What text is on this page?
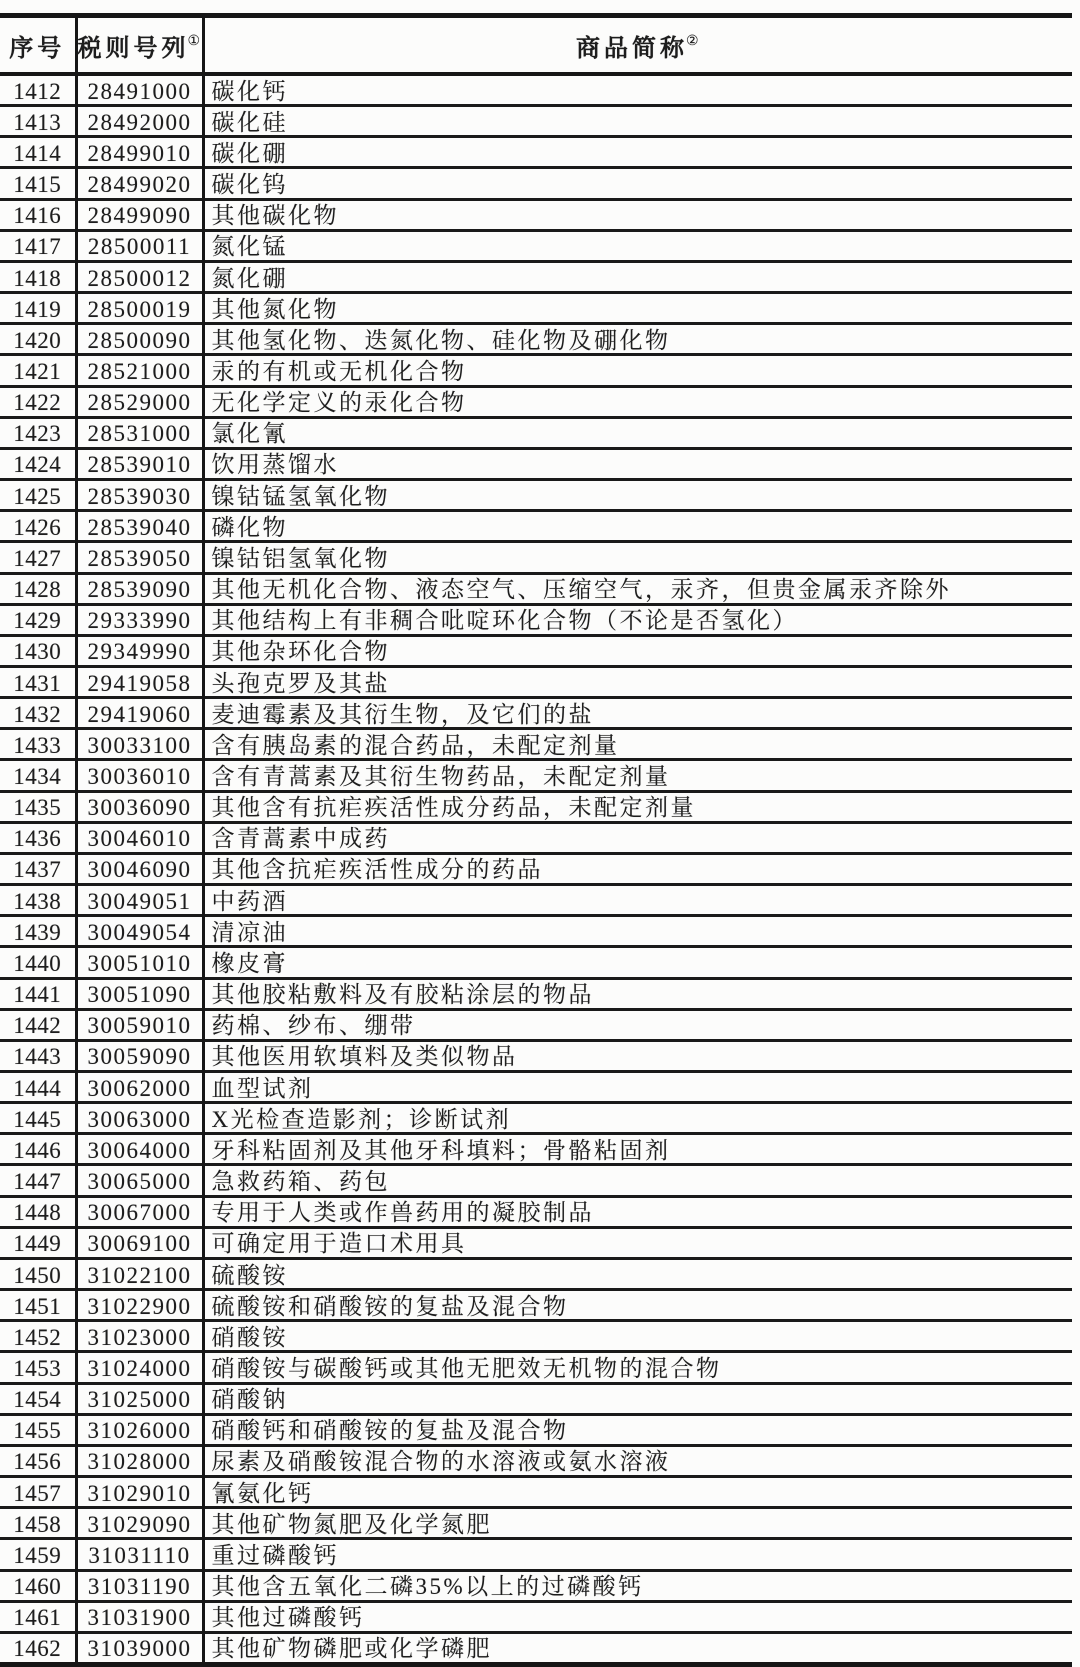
序号	税则号列①	商品简称②
1412	28491000	碳化钙
1413	28492000	碳化硅
1414	28499010	碳化硼
1415	28499020	碳化钨
1416	28499090	其他碳化物
1417	28500011	氮化锰
1418	28500012	氮化硼
1419	28500019	其他氮化物
1420	28500090	其他氢化物、迭氮化物、硅化物及硼化物
1421	28521000	汞的有机或无机化合物
1422	28529000	无化学定义的汞化合物
1423	28531000	氯化氰
1424	28539010	饮用蒸馏水
1425	28539030	镍钴锰氢氧化物
1426	28539040	磷化物
1427	28539050	镍钴铝氢氧化物
1428	28539090	其他无机化合物、液态空气、压缩空气，汞齐，但贵金属汞齐除外
1429	29333990	其他结构上有非稠合吡啶环化合物（不论是否氢化）
1430	29349990	其他杂环化合物
1431	29419058	头孢克罗及其盐
1432	29419060	麦迪霉素及其衍生物，及它们的盐
1433	30033100	含有胰岛素的混合药品，未配定剂量
1434	30036010	含有青蒿素及其衍生物药品，未配定剂量
1435	30036090	其他含有抗疟疾活性成分药品，未配定剂量
1436	30046010	含青蒿素中成药
1437	30046090	其他含抗疟疾活性成分的药品
1438	30049051	中药酒
1439	30049054	清凉油
1440	30051010	橡皮膏
1441	30051090	其他胶粘敷料及有胶粘涂层的物品
1442	30059010	药棉、纱布、绷带
1443	30059090	其他医用软填料及类似物品
1444	30062000	血型试剂
1445	30063000	X光检查造影剂；诊断试剂
1446	30064000	牙科粘固剂及其他牙科填料；骨骼粘固剂
1447	30065000	急救药箱、药包
1448	30067000	专用于人类或作兽药用的凝胶制品
1449	30069100	可确定用于造口术用具
1450	31022100	硫酸铵
1451	31022900	硫酸铵和硝酸铵的复盐及混合物
1452	31023000	硝酸铵
1453	31024000	硝酸铵与碳酸钙或其他无肥效无机物的混合物
1454	31025000	硝酸钠
1455	31026000	硝酸钙和硝酸铵的复盐及混合物
1456	31028000	尿素及硝酸铵混合物的水溶液或氨水溶液
1457	31029010	氰氨化钙
1458	31029090	其他矿物氮肥及化学氮肥
1459	31031110	重过磷酸钙
1460	31031190	其他含五氧化二磷35%以上的过磷酸钙
1461	31031900	其他过磷酸钙
1462	31039000	其他矿物磷肥或化学磷肥
